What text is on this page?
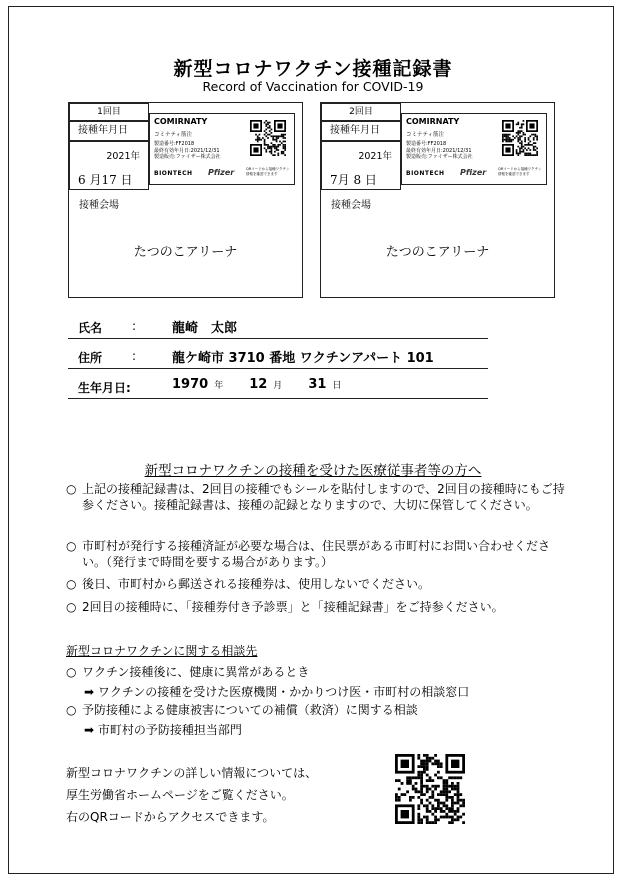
新型コロナワクチン接種記録書
Record of Vaccination for COVID-19
1回目
接種年月日
2021年
6 月17 日
COMIRNATY
コミナティ筋注
製造番号:FF2018
最終有効年月日:2021/12/31
製造販売:ファイザー株式会社
BIONTECH Pfizer	QRコードから接種ワクチン情報を確認できます
接種会場
たつのこアリーナ
2回目
接種年月日
2021年
7月 8 日
COMIRNATY
コミナティ筋注
製造番号:FF2018
最終有効年月日:2021/12/31
製造販売:ファイザー株式会社
BIONTECH Pfizer	QRコードから接種ワクチン情報を確認できます
接種会場
たつのこアリーナ
氏名 :	龍崎　太郎
住所 :	龍ケ崎市 3710 番地 ワクチンアパート 101
生年月日:	1970 年 12 月 31 日
新型コロナワクチンの接種を受けた医療従事者等の方へ
○ 上記の接種記録書は、2回目の接種でもシールを貼付しますので、2回目の接種時にもご持参ください。接種記録書は、接種の記録となりますので、大切に保管してください。
○ 市町村が発行する接種済証が必要な場合は、住民票がある市町村にお問い合わせください。（発行まで時間を要する場合があります。）
○ 後日、市町村から郵送される接種券は、使用しないでください。
○ 2回目の接種時に、「接種券付き予診票」と「接種記録書」をご持参ください。
新型コロナワクチンに関する相談先
○ ワクチン接種後に、健康に異常があるとき
➡ ワクチンの接種を受けた医療機関・かかりつけ医・市町村の相談窓口
○ 予防接種による健康被害についての補償（救済）に関する相談
➡ 市町村の予防接種担当部門
新型コロナワクチンの詳しい情報については、
厚生労働省ホームページをご覧ください。
右のQRコードからアクセスできます。
